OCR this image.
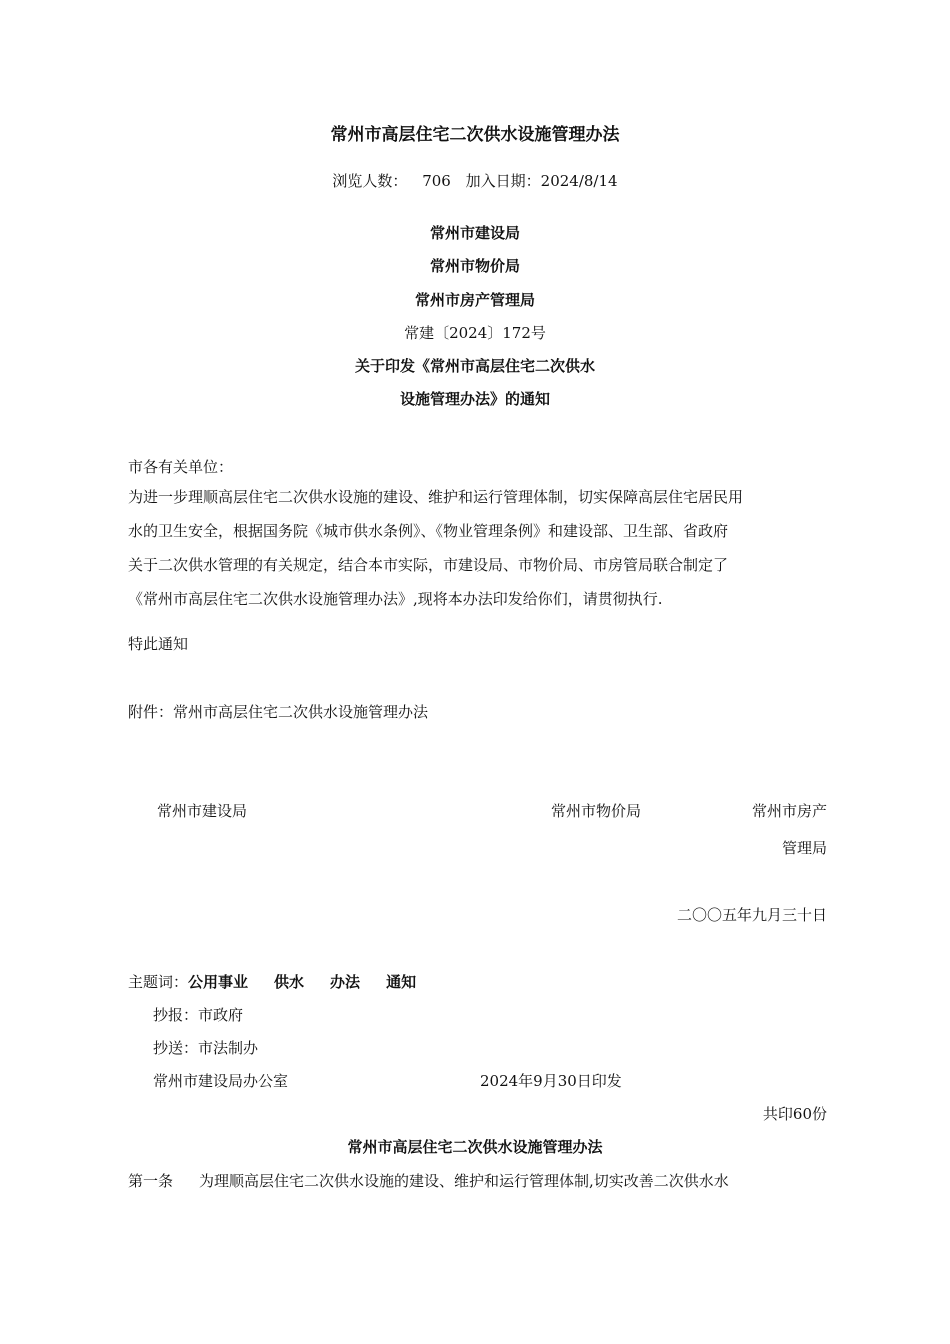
常州市高层住宅二次供水设施管理办法
浏览人数： 706 加入日期：2024/8/14
常州市建设局
常州市物价局
常州市房产管理局
常建〔2024〕172号
关于印发《常州市高层住宅二次供水
设施管理办法》的通知
市各有关单位：
为进一步理顺高层住宅二次供水设施的建设、维护和运行管理体制，切实保障高层住宅居民用
水的卫生安全，根据国务院《城市供水条例》、《物业管理条例》和建设部、卫生部、省政府
关于二次供水管理的有关规定，结合本市实际，市建设局、市物价局、市房管局联合制定了
《常州市高层住宅二次供水设施管理办法》,现将本办法印发给你们，请贯彻执行.
特此通知
附件：常州市高层住宅二次供水设施管理办法
常州市建设局	常州市物价局	常州市房产
管理局
二〇〇五年九月三十日
主题词：公用事业 供水 办法 通知
抄报：市政府
抄送：市法制办
常州市建设局办公室	2024年9月30日印发
共印60份
常州市高层住宅二次供水设施管理办法
第一条 为理顺高层住宅二次供水设施的建设、维护和运行管理体制,切实改善二次供水水
